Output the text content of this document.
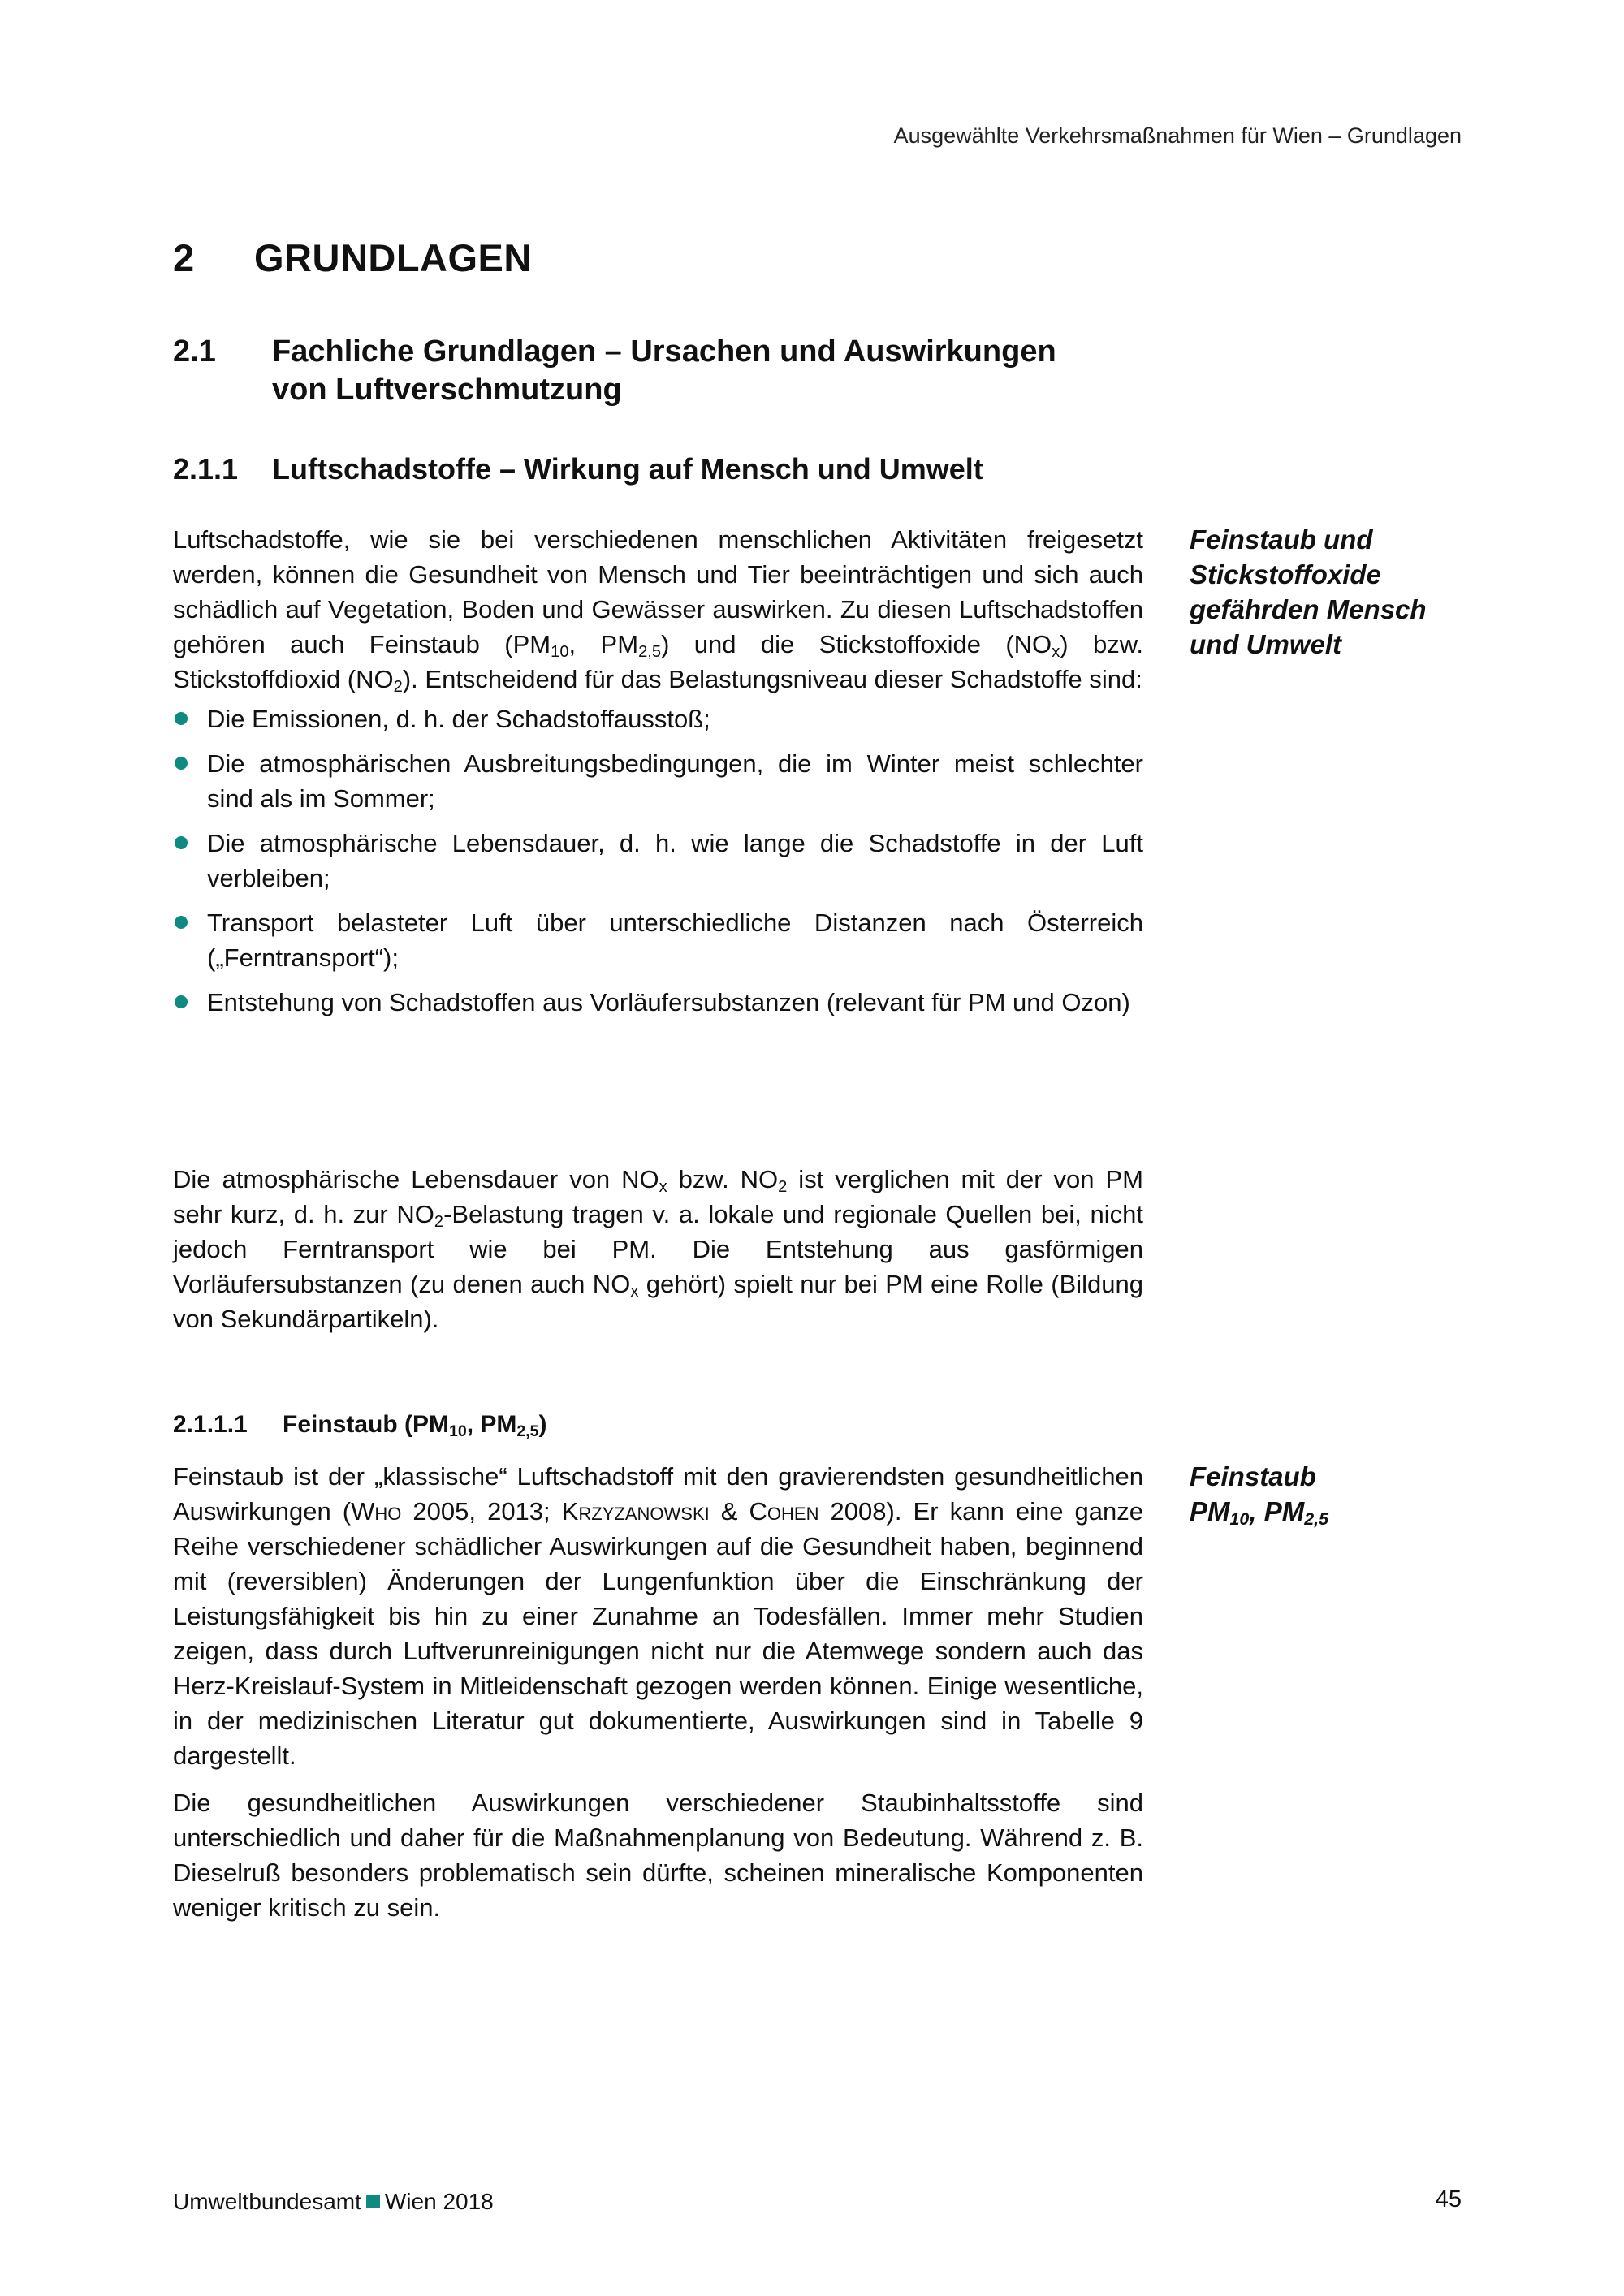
Ausgewählte Verkehrsmaßnahmen für Wien – Grundlagen
2 GRUNDLAGEN
2.1 Fachliche Grundlagen – Ursachen und Auswirkungen
von Luftverschmutzung
2.1.1 Luftschadstoffe – Wirkung auf Mensch und Umwelt

Luftschadstoffe, wie sie bei verschiedenen menschlichen Aktivitäten freigesetzt werden, können die Gesundheit von Mensch und Tier beeinträchtigen und sich auch schädlich auf Vegetation, Boden und Gewässer auswirken. Zu diesen Luftschadstoffen gehören auch Feinstaub ($PM_{10}$, $PM_{2,5}$) und die Stickstoffoxide $(NO_x)$ bzw. Stickstoffdioxid $(NO_2)$. Entscheidend für das Belastungsniveau dieser Schadstoffe sind:

Die Emissionen, d. h. der Schadstoffausstoß;
Die atmosphärischen Ausbreitungsbedingungen, die im Winter meist schlechter sind als im Sommer;
Die atmosphärische Lebensdauer, d. h. wie lange die Schadstoffe in der Luft verbleiben;
Transport belasteter Luft über unterschiedliche Distanzen nach Österreich („Ferntransport“);
Entstehung von Schadstoffen aus Vorläufersubstanzen (relevant für PM und Ozon)
Feinstaub und Stickstoffoxide gefährden Mensch und Umwelt

Die atmosphärische Lebensdauer von $NO_x$ bzw. $NO_2$ ist verglichen mit der von PM sehr kurz, d. h. zur $NO_2$-Belastung tragen v. a. lokale und regionale Quellen bei, nicht jedoch Ferntransport wie bei PM. Die Entstehung aus gasförmigen Vorläufersubstanzen (zu denen auch $NO_x$ gehört) spielt nur bei PM eine Rolle (Bildung von Sekundärpartikeln).

2.1.1.1 Feinstaub ($PM_{10}$, $PM_{2,5}$)

Feinstaub ist der „klassische“ Luftschadstoff mit den gravierendsten gesundheitlichen Auswirkungen (Who 2005, 2013; Krzyzanowski & Cohen 2008). Er kann eine ganze Reihe verschiedener schädlicher Auswirkungen auf die Gesundheit haben, beginnend mit (reversiblen) Änderungen der Lungenfunktion über die Einschränkung der Leistungsfähigkeit bis hin zu einer Zunahme an Todesfällen. Immer mehr Studien zeigen, dass durch Luftverunreinigungen nicht nur die Atemwege sondern auch das Herz-Kreislauf-System in Mitleidenschaft gezogen werden können. Einige wesentliche, in der medizinischen Literatur gut dokumentierte, Auswirkungen sind in Tabelle 9 dargestellt.

Die gesundheitlichen Auswirkungen verschiedener Staubinhaltsstoffe sind unterschiedlich und daher für die Maßnahmenplanung von Bedeutung. Während z. B. Dieselruß besonders problematisch sein dürfte, scheinen mineralische Komponenten weniger kritisch zu sein.

Feinstaub
$PM_{10}$, $PM_{2,5}$
Umweltbundesamt Wien 2018	45
